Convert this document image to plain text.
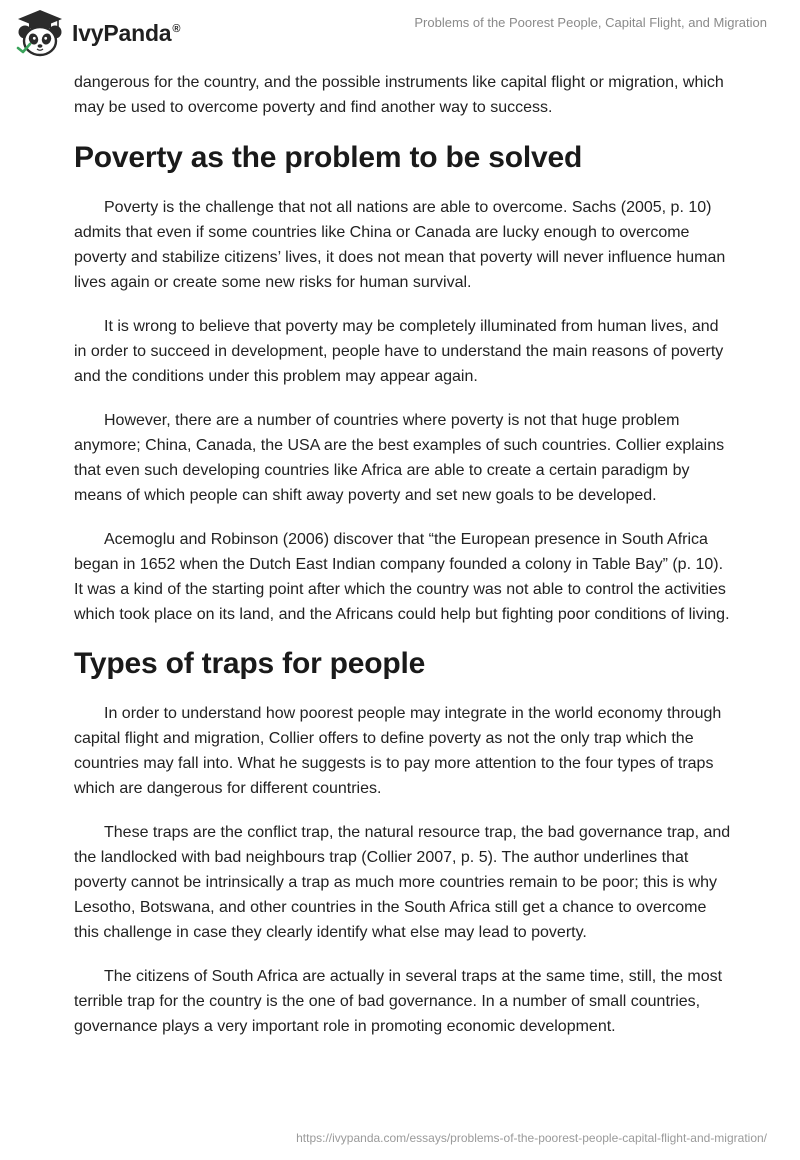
IvyPanda®	Problems of the Poorest People, Capital Flight, and Migration

dangerous for the country, and the possible instruments like capital flight or migration, which may be used to overcome poverty and find another way to success.

Poverty as the problem to be solved

Poverty is the challenge that not all nations are able to overcome. Sachs (2005, p. 10) admits that even if some countries like China or Canada are lucky enough to overcome poverty and stabilize citizens’ lives, it does not mean that poverty will never influence human lives again or create some new risks for human survival.

It is wrong to believe that poverty may be completely illuminated from human lives, and in order to succeed in development, people have to understand the main reasons of poverty and the conditions under this problem may appear again.

However, there are a number of countries where poverty is not that huge problem anymore; China, Canada, the USA are the best examples of such countries. Collier explains that even such developing countries like Africa are able to create a certain paradigm by means of which people can shift away poverty and set new goals to be developed.

Acemoglu and Robinson (2006) discover that “the European presence in South Africa began in 1652 when the Dutch East Indian company founded a colony in Table Bay” (p. 10). It was a kind of the starting point after which the country was not able to control the activities which took place on its land, and the Africans could help but fighting poor conditions of living.

Types of traps for people

In order to understand how poorest people may integrate in the world economy through capital flight and migration, Collier offers to define poverty as not the only trap which the countries may fall into. What he suggests is to pay more attention to the four types of traps which are dangerous for different countries.

These traps are the conflict trap, the natural resource trap, the bad governance trap, and the landlocked with bad neighbours trap (Collier 2007, p. 5). The author underlines that poverty cannot be intrinsically a trap as much more countries remain to be poor; this is why Lesotho, Botswana, and other countries in the South Africa still get a chance to overcome this challenge in case they clearly identify what else may lead to poverty.

The citizens of South Africa are actually in several traps at the same time, still, the most terrible trap for the country is the one of bad governance. In a number of small countries, governance plays a very important role in promoting economic development.

https://ivypanda.com/essays/problems-of-the-poorest-people-capital-flight-and-migration/
